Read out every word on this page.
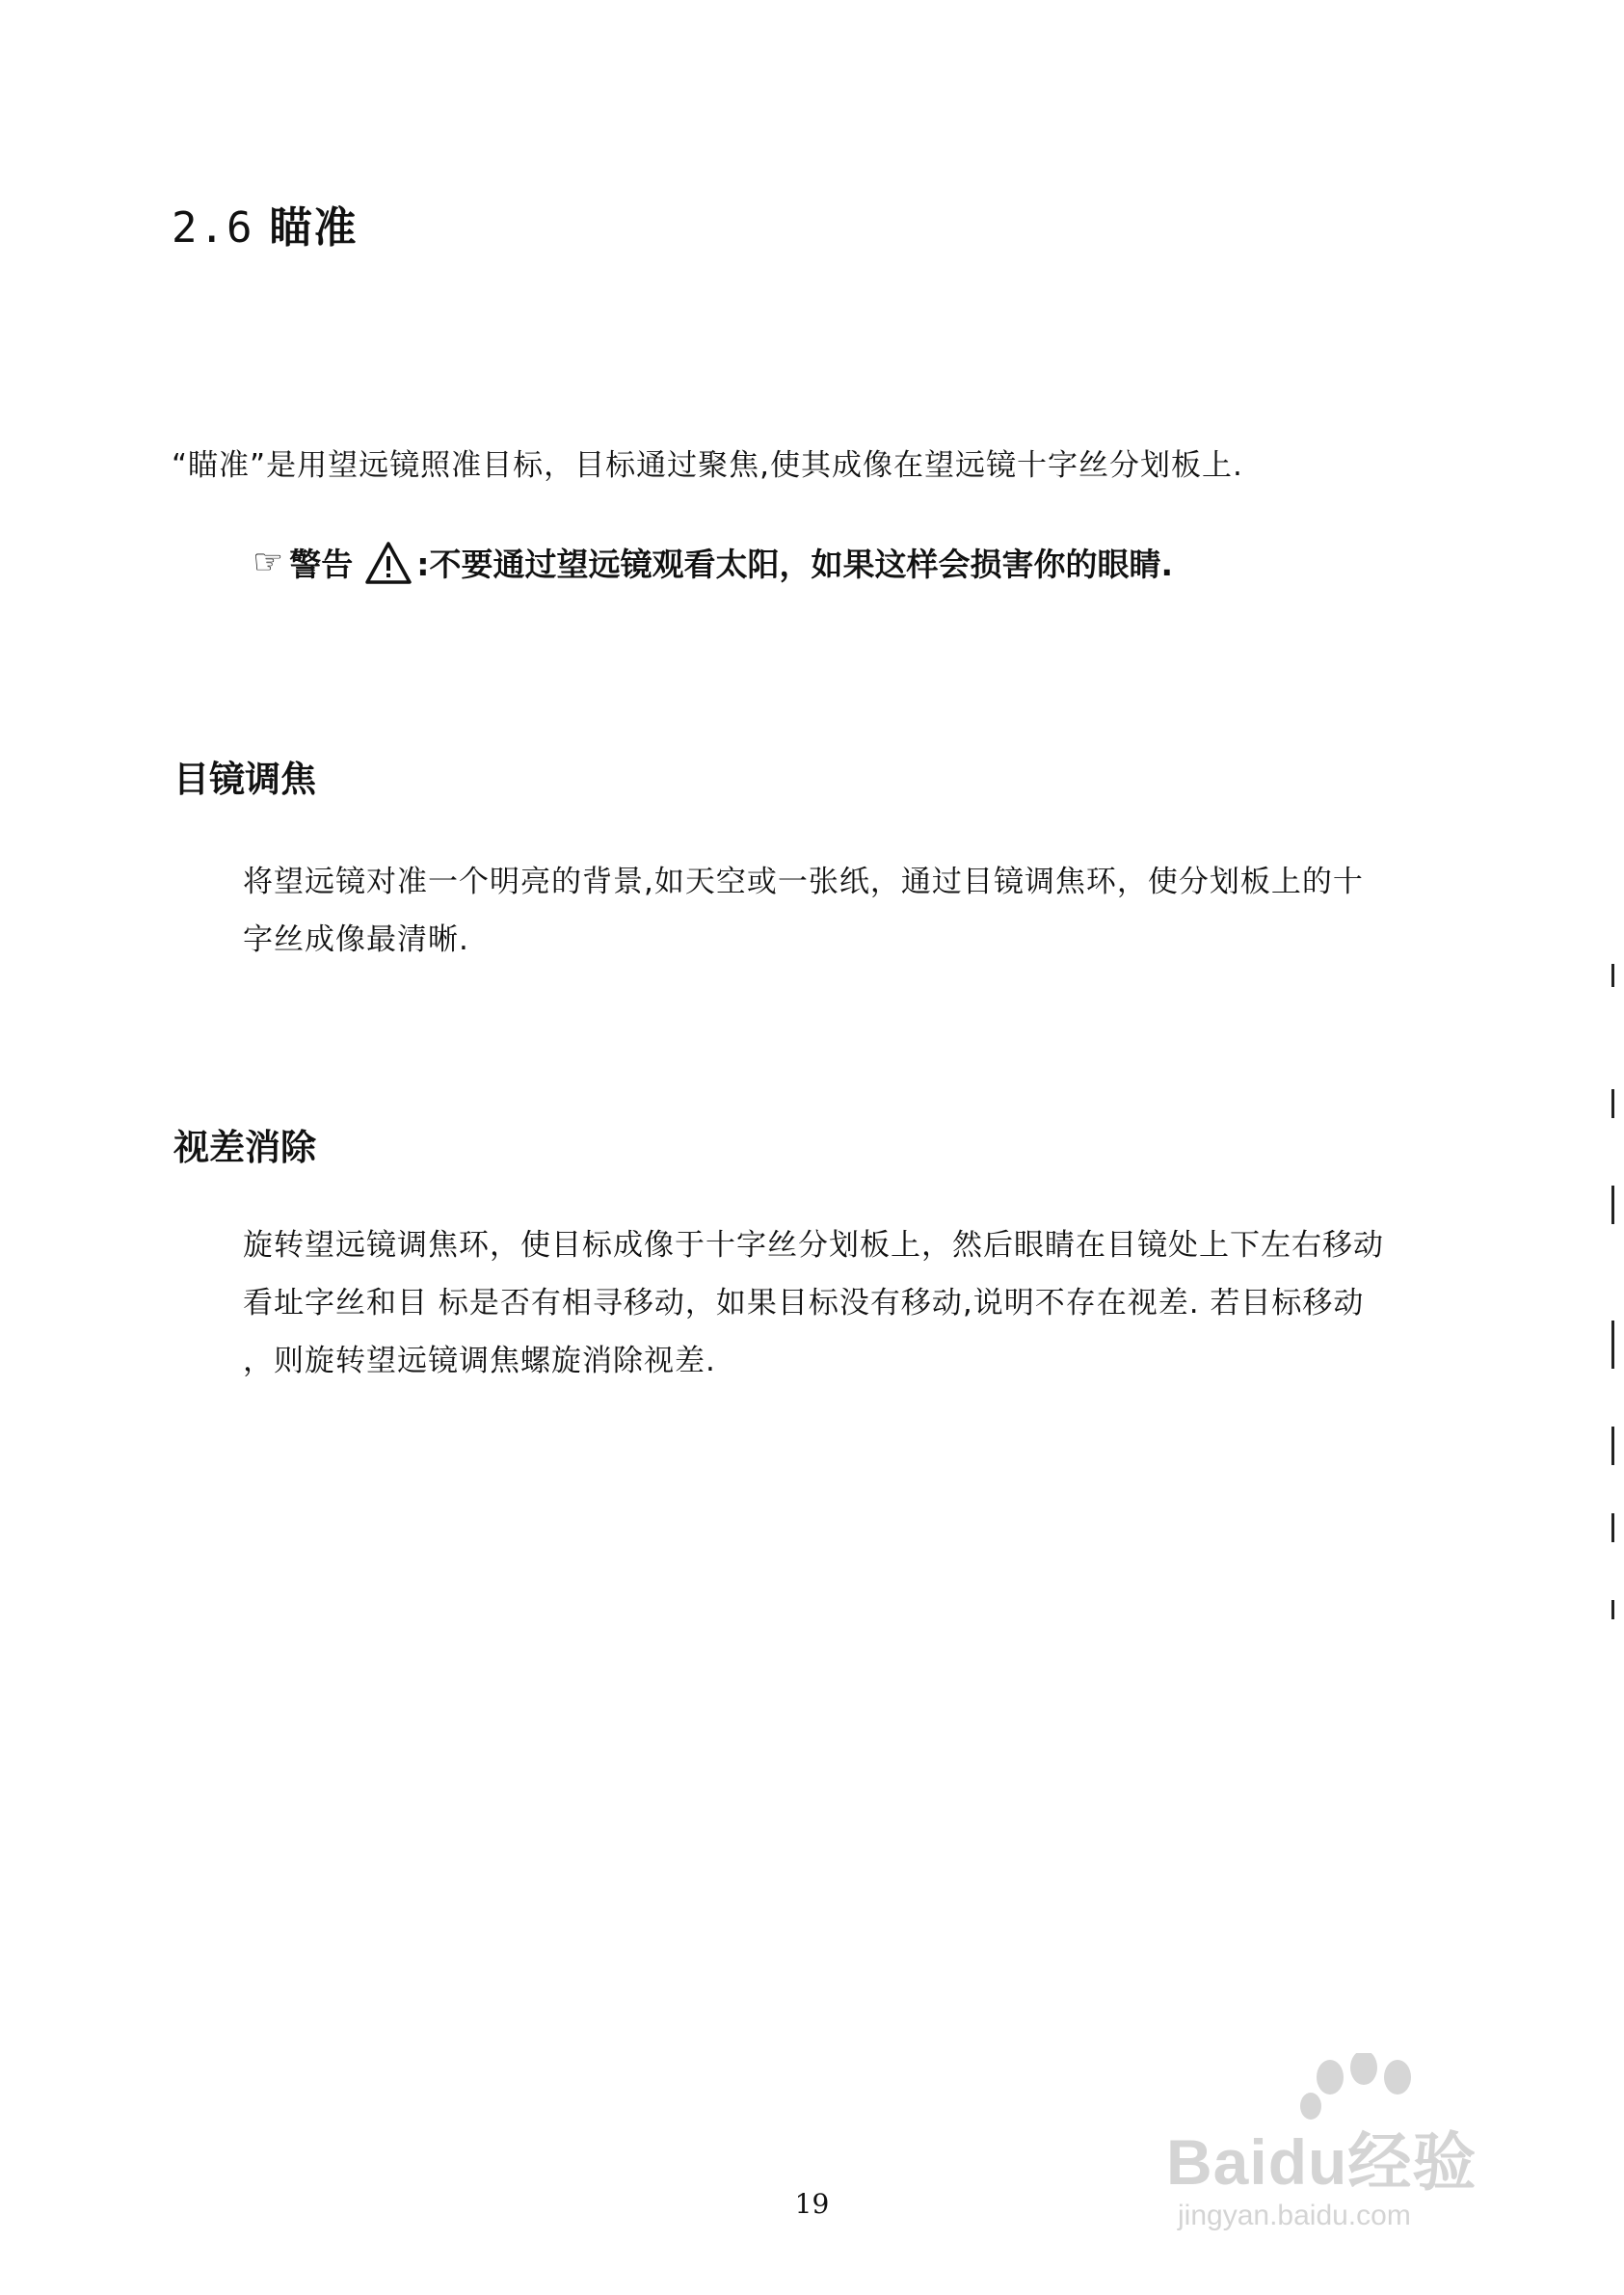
2.6 瞄准
“瞄准”是用望远镜照准目标，目标通过聚焦,使其成像在望远镜十字丝分划板上.
☞ 警告 :不要通过望远镜观看太阳，如果这样会损害你的眼睛.
目镜调焦
将望远镜对准一个明亮的背景,如天空或一张纸，通过目镜调焦环，使分划板上的十
字丝成像最清晰.
视差消除
旋转望远镜调焦环，使目标成像于十字丝分划板上，然后眼睛在目镜处上下左右移动
看址字丝和目 标是否有相寻移动，如果目标没有移动,说明不存在视差. 若目标移动
，则旋转望远镜调焦螺旋消除视差.
19
Baidu经验
jingyan.baidu.com
